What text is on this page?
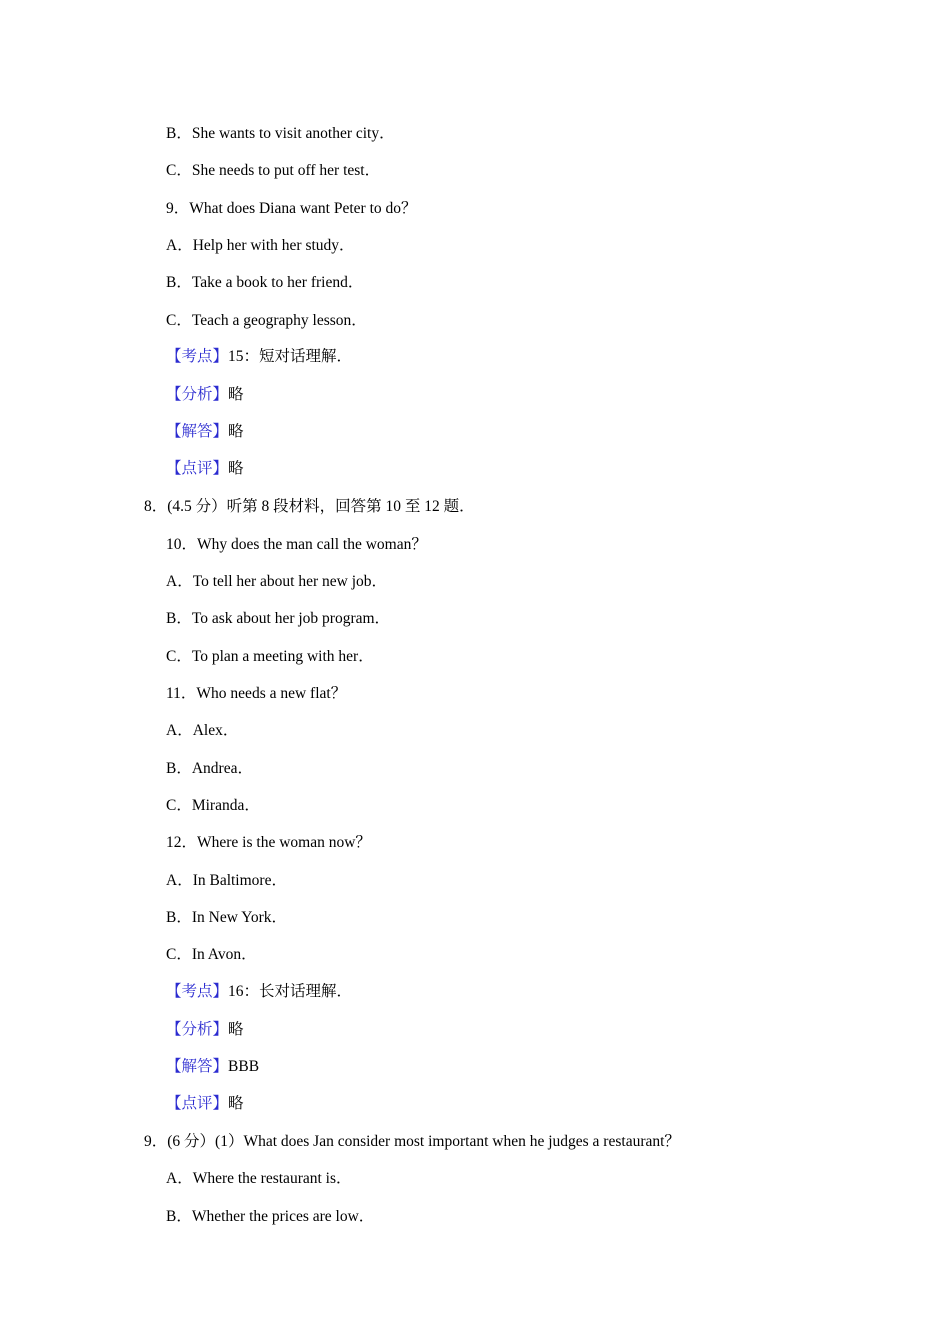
B．She wants to visit another city．
C．She needs to put off her test．
9．What does Diana want Peter to do？
A．Help her with her study．
B．Take a book to her friend．
C．Teach a geography lesson．
【考点】15：短对话理解．
【分析】略
【解答】略
【点评】略
8．(4.5 分）听第 8 段材料，回答第 10 至 12 题．
10．Why does the man call the woman？
A．To tell her about her new job．
B．To ask about her job program．
C．To plan a meeting with her．
11．Who needs a new flat？
A．Alex．
B．Andrea．
C．Miranda．
12．Where is the woman now？
A．In Baltimore．
B．In New York．
C．In Avon．
【考点】16：长对话理解．
【分析】略
【解答】BBB
【点评】略
9．(6 分）(1）What does Jan consider most important when he judges a restaurant？
A．Where the restaurant is．
B．Whether the prices are low．
